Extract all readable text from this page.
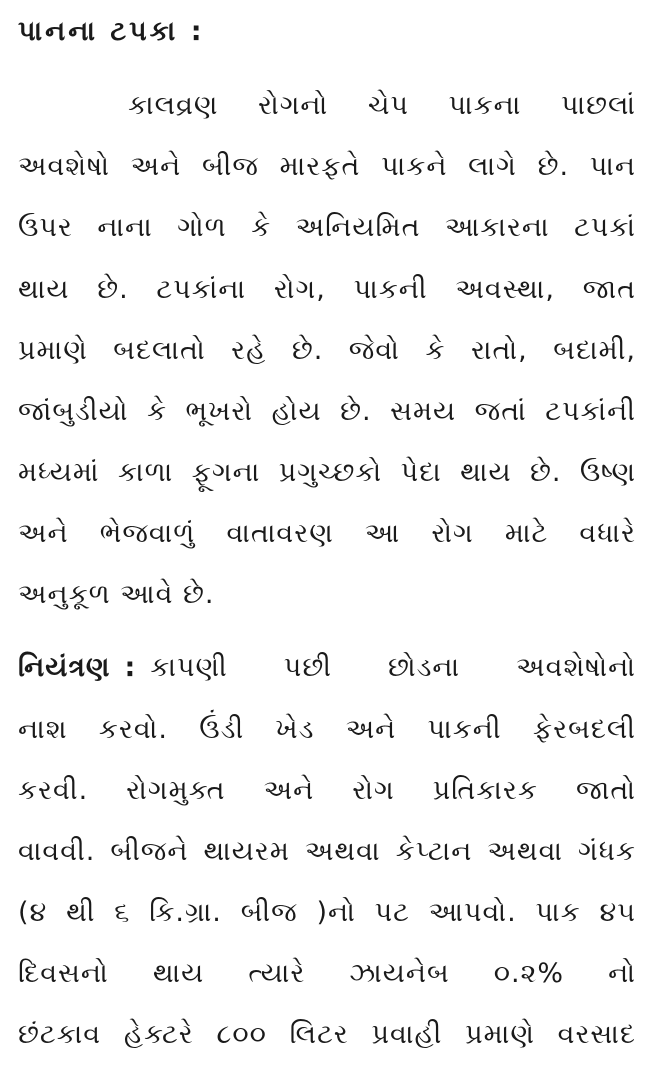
પાનના ટપકા :
કાલવ્રણ રોગનો ચેપ પાકના પાછલાં
અવશેષો અને બીજ મારફતે પાકને લાગે છે. પાન
ઉપર નાના ગોળ કે અનિયમિત આકારના ટપકાં
થાય છે. ટપકાંના રોગ, પાકની અવસ્થા, જાત
પ્રમાણે બદલાતો રહે છે. જેવો કે રાતો, બદામી,
જાંબુડીયો કે ભૂખરો હોય છે. સમય જતાં ટપકાંની
મધ્યમાં કાળા ફૂગના પ્રગુચ્છકો પેદા થાય છે. ઉષ્ણ
અને ભેજવાળું વાતાવરણ આ રોગ માટે વધારે
અનુકૂળ આવે છે.
નિયંત્રણ : કાપણી પછી છોડના અવશેષોનો
નાશ કરવો. ઉંડી ખેડ અને પાકની ફેરબદલી
કરવી. રોગમુક્ત અને રોગ પ્રતિકારક જાતો
વાવવી. બીજને થાયરમ અથવા કેપ્ટાન અથવા ગંધક
(૪ થી ૬ કિ.ગ્રા. બીજ )નો પટ આપવો. પાક ૪૫
દિવસનો થાય ત્યારે ઝાયનેબ ૦.૨% નો
છંટકાવ હેક્ટરે ૮૦૦ લિટર પ્રવાહી પ્રમાણે વરસાદ
